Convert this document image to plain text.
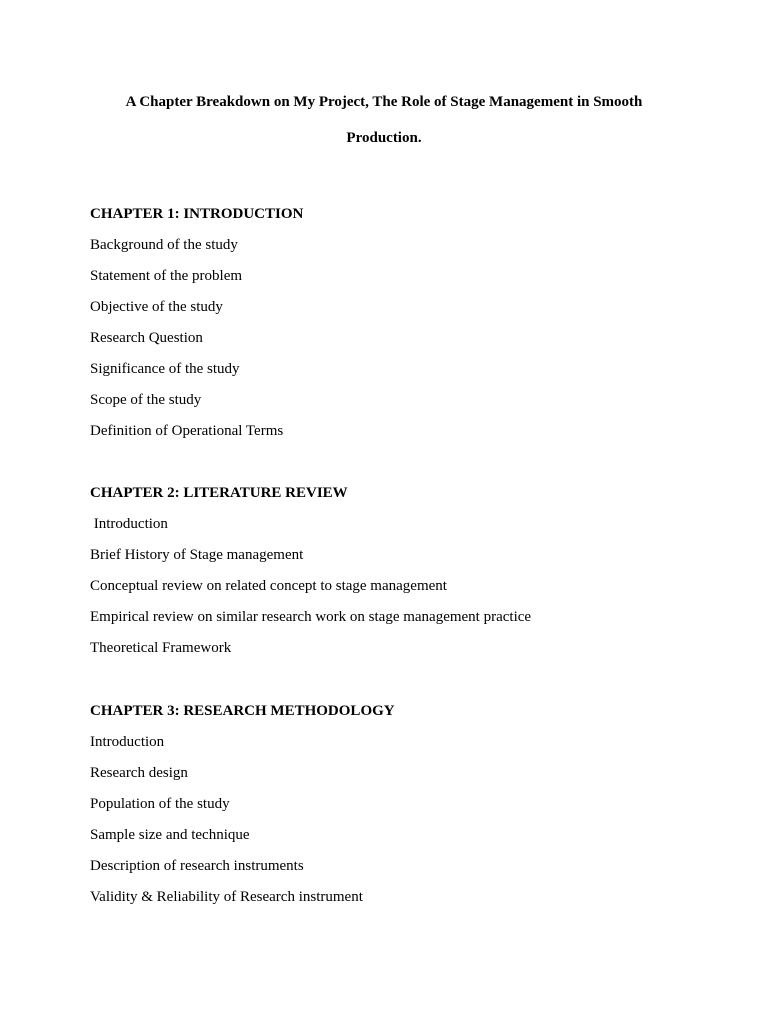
A Chapter Breakdown on My Project, The Role of Stage Management in Smooth
Production.
CHAPTER 1: INTRODUCTION
Background of the study
Statement of the problem
Objective of the study
Research Question
Significance of the study
Scope of the study
Definition of Operational Terms
CHAPTER 2: LITERATURE REVIEW
Introduction
Brief History of Stage management
Conceptual review on related concept to stage management
Empirical review on similar research work on stage management practice
Theoretical Framework
CHAPTER 3: RESEARCH METHODOLOGY
Introduction
Research design
Population of the study
Sample size and technique
Description of research instruments
Validity & Reliability of Research instrument
